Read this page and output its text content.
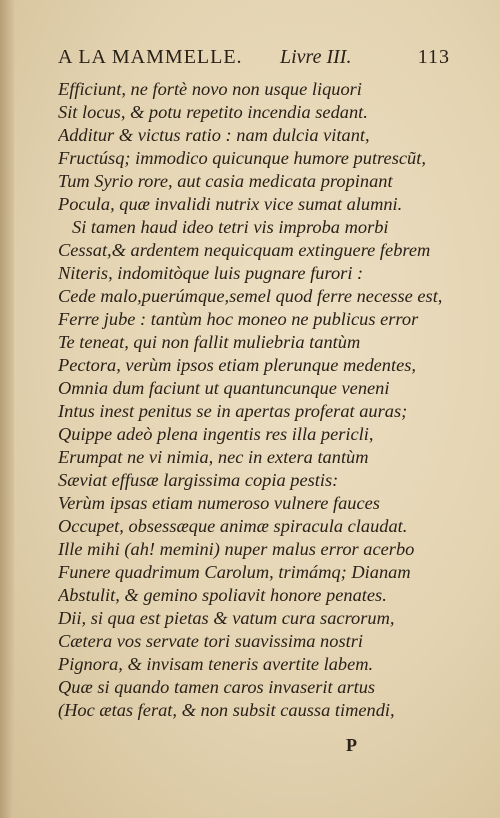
A LA MAMMELLE. Livre III.	113
Efficiunt, ne fortè novo non usque liquori
Sit locus, & potu repetito incendia sedant.
Additur & victus ratio : nam dulcia vitant,
Fructúsq; immodico quicunque humore putrescũt,
Tum Syrio rore, aut casia medicata propinant
Pocula, quæ invalidi nutrix vice sumat alumni.
Si tamen haud ideo tetri vis improba morbi
Cessat,& ardentem nequicquam extinguere febrem
Niteris, indomitòque luis pugnare furori :
Cede malo,puerúmque,semel quod ferre necesse est,
Ferre jube : tantùm hoc moneo ne publicus error
Te teneat, qui non fallit muliebria tantùm
Pectora, verùm ipsos etiam plerunque medentes,
Omnia dum faciunt ut quantuncunque veneni
Intus inest penitus se in apertas proferat auras;
Quippe adeò plena ingentis res illa pericli,
Erumpat ne vi nimia, nec in extera tantùm
Sæviat effusæ largissima copia pestis:
Verùm ipsas etiam numeroso vulnere fauces
Occupet, obsessæque animæ spiracula claudat.
Ille mihi (ah! memini) nuper malus error acerbo
Funere quadrimum Carolum, trimámq; Dianam
Abstulit, & gemino spoliavit honore penates.
Dii, si qua est pietas & vatum cura sacrorum,
Cætera vos servate tori suavissima nostri
Pignora, & invisam teneris avertite labem.
Quæ si quando tamen caros invaserit artus
(Hoc ætas ferat, & non subsit caussa timendi,
P
